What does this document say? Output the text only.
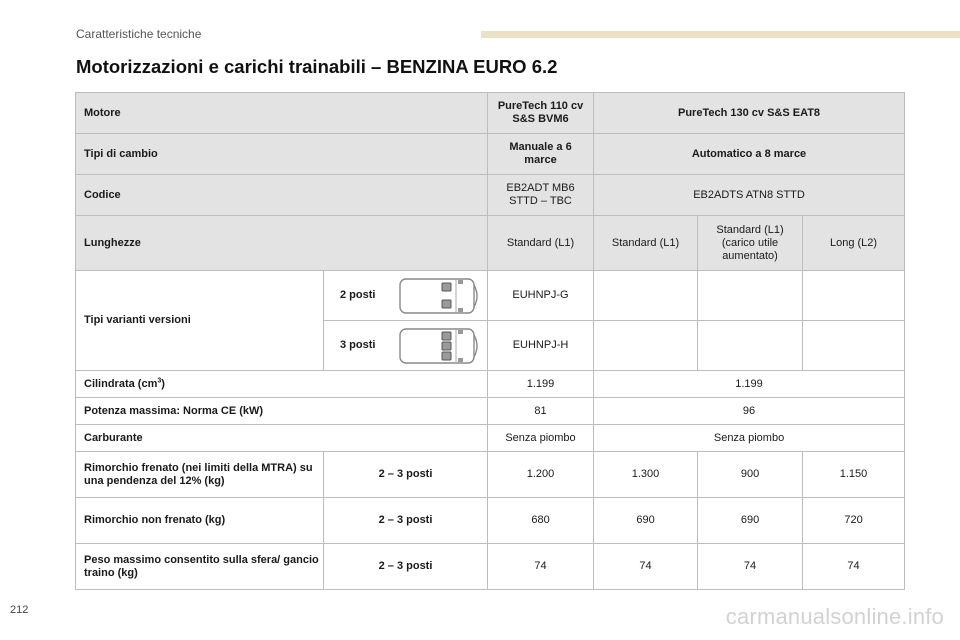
Caratteristiche tecniche
Motorizzazioni e carichi trainabili – BENZINA EURO 6.2
Motore		PureTech 110 cv S&S BVM6	PureTech 130 cv S&S EAT8		
Tipi di cambio		Manuale a 6 marce	Automatico a 8 marce		
Codice		EB2ADT MB6 STTD – TBC	EB2ADTS ATN8 STTD		
Lunghezze		Standard (L1)	Standard (L1)	Standard (L1) (carico utile aumentato)	Long (L2)
Tipi varianti versioni	2 posti	EUHNPJ-G			
	3 posti	EUHNPJ-H			
Cilindrata $(cm^3)$		1.199	1.199		
Potenza massima: Norma CE (kW)		81	96		
Carburante		Senza piombo	Senza piombo		
Rimorchio frenato (nei limiti della MTRA) su una pendenza del 12% (kg)	2 – 3 posti	1.200	1.300	900	1.150
Rimorchio non frenato (kg)	2 – 3 posti	680	690	690	720
Peso massimo consentito sulla sfera/ gancio traino (kg)	2 – 3 posti	74	74	74	74
212	carmanualsonline.info
